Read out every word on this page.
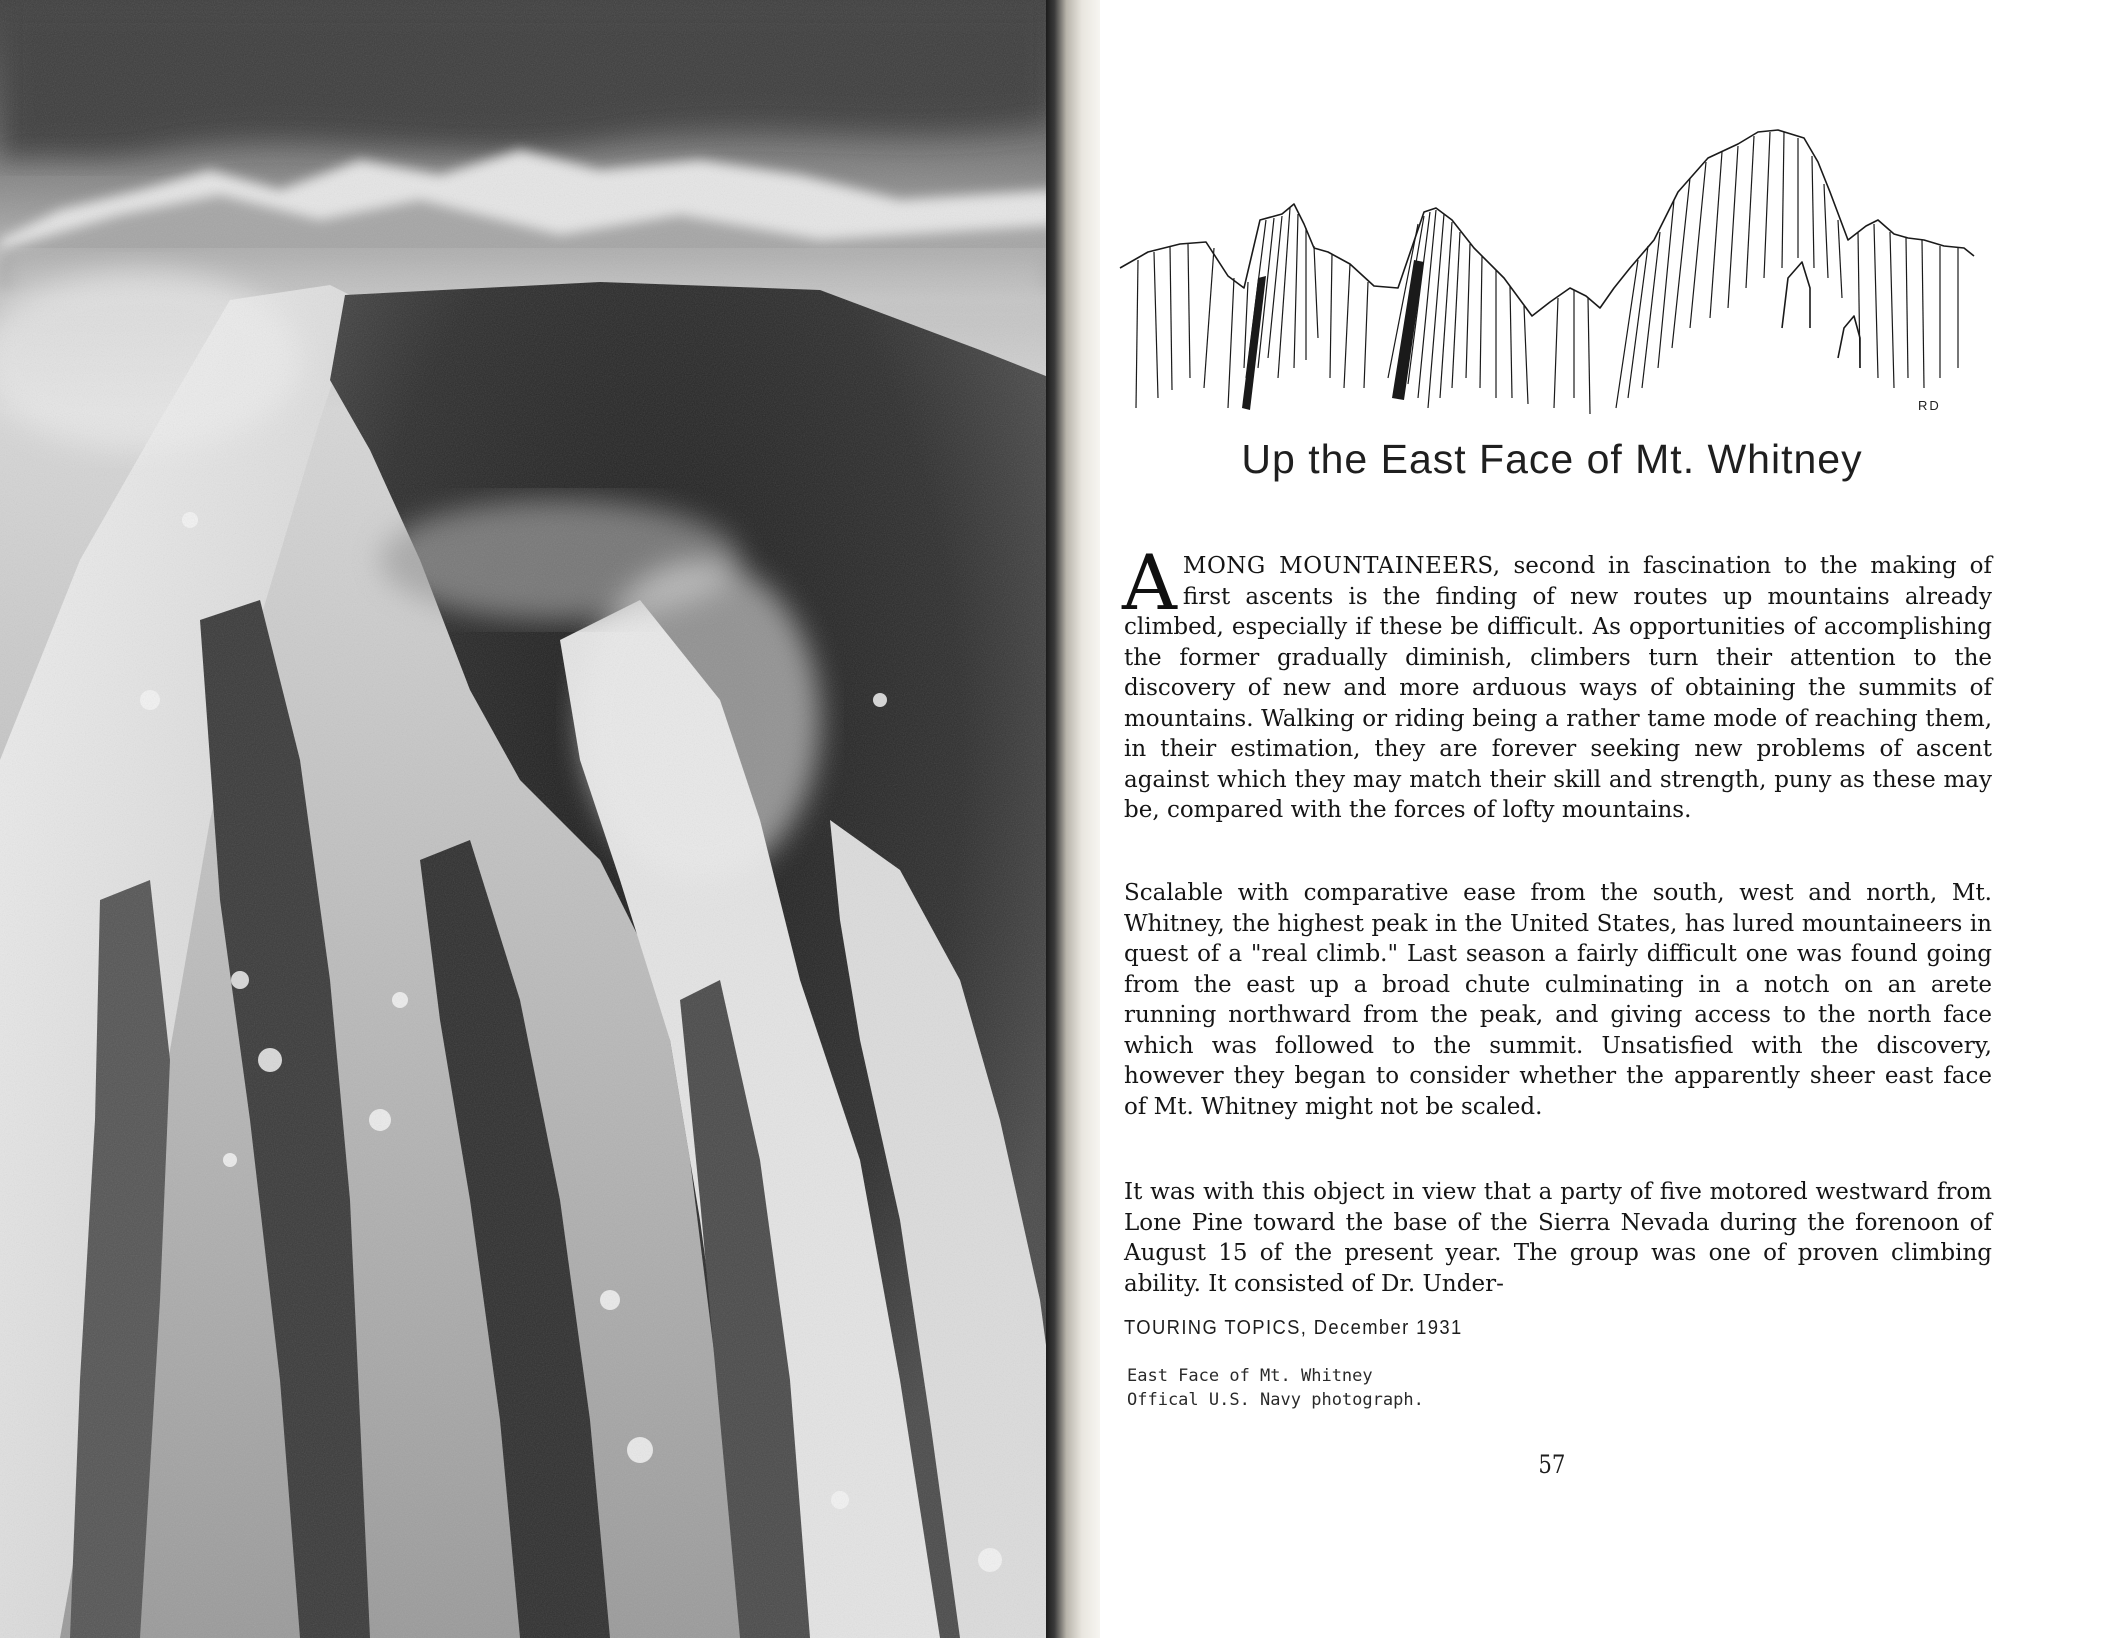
RD
Up the East Face of Mt. Whitney

AMONG MOUNTAINEERS, second in fascination to the making of first ascents is the finding of new routes up mountains already climbed, especially if these be difficult. As opportunities of accomplishing the former gradually diminish, climbers turn their attention to the discovery of new and more arduous ways of obtaining the summits of mountains. Walking or riding being a rather tame mode of reaching them, in their estimation, they are forever seeking new problems of ascent against which they may match their skill and strength, puny as these may be, compared with the forces of lofty mountains.

Scalable with comparative ease from the south, west and north, Mt. Whitney, the highest peak in the United States, has lured mountaineers in quest of a "real climb." Last season a fairly difficult one was found going from the east up a broad chute culminating in a notch on an arete running northward from the peak, and giving access to the north face which was followed to the summit. Unsatisfied with the discovery, however they began to consider whether the apparently sheer east face of Mt. Whitney might not be scaled.

It was with this object in view that a party of five motored westward from Lone Pine toward the base of the Sierra Nevada during the forenoon of August 15 of the present year. The group was one of proven climbing ability. It consisted of Dr. Under-

TOURING TOPICS, December 1931
East Face of Mt. Whitney
Offical U.S. Navy photograph.
57
